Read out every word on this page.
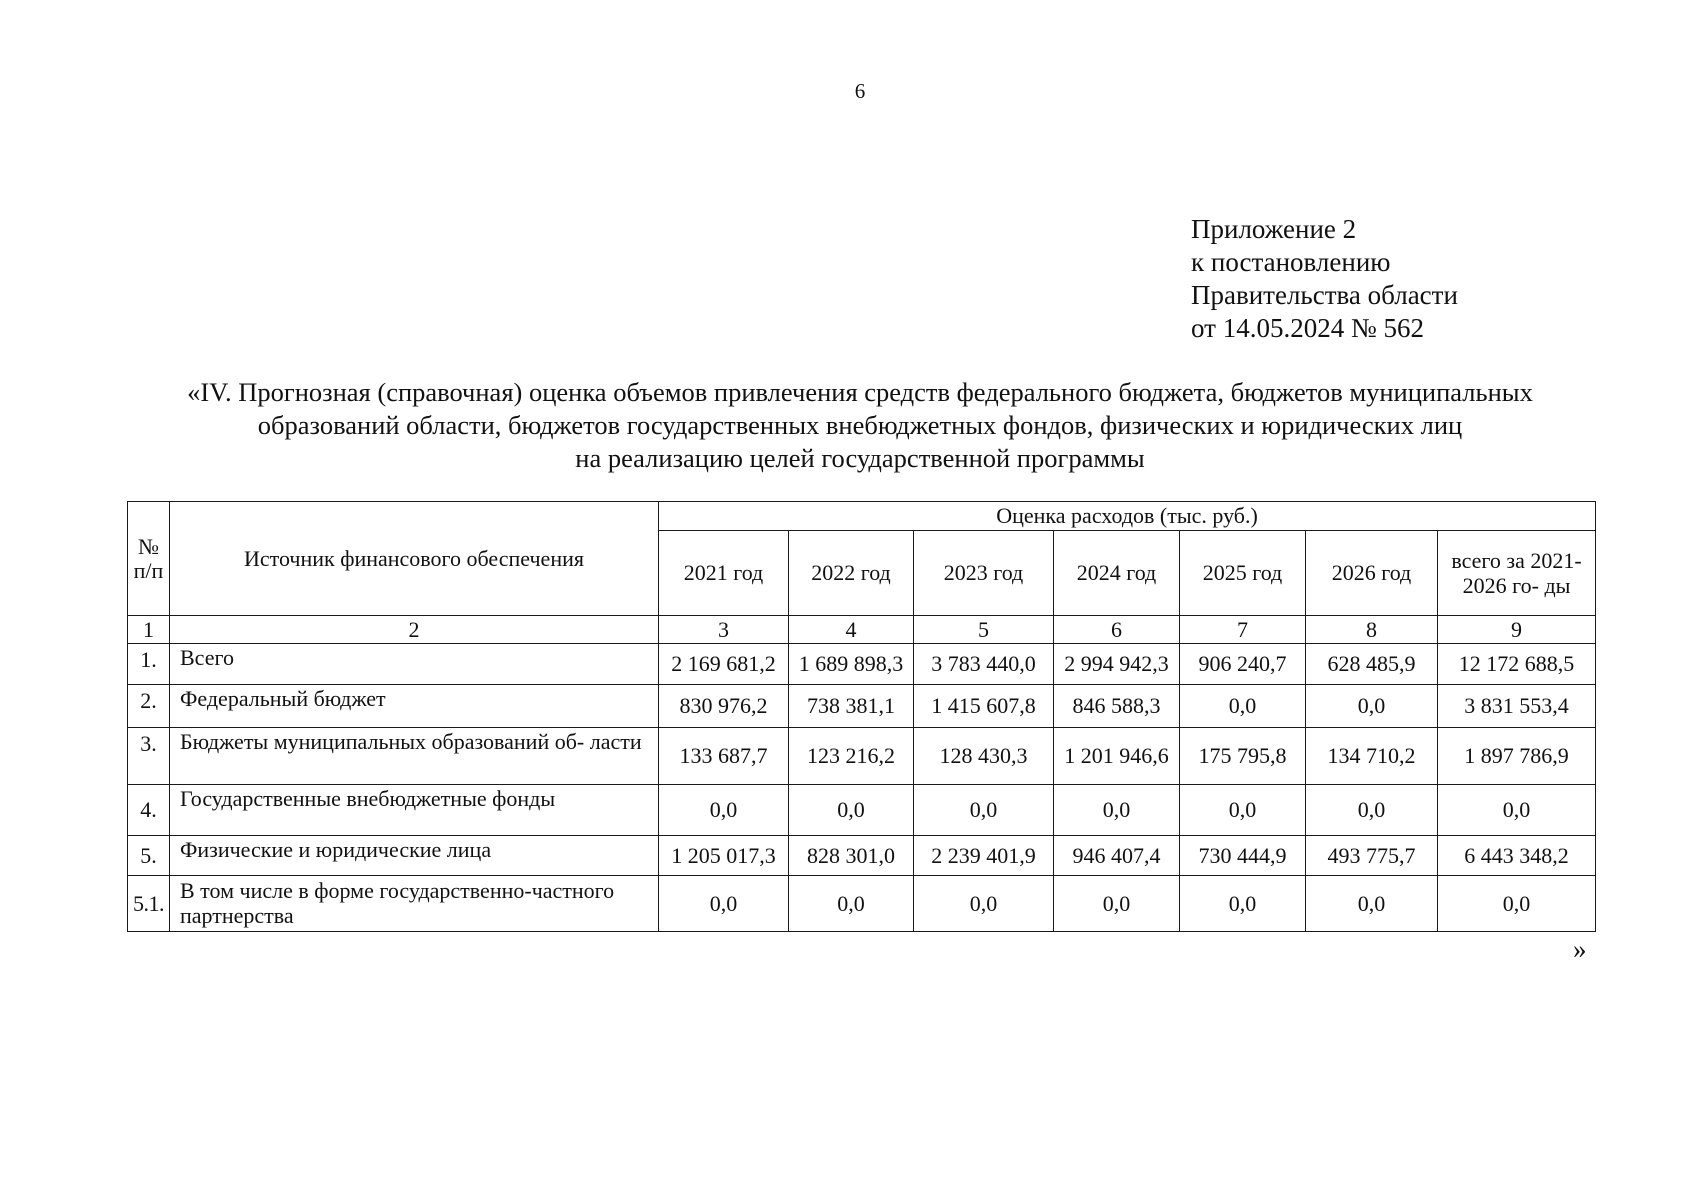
6
Приложение 2
к постановлению
Правительства области
от 14.05.2024 № 562
«IV. Прогнозная (справочная) оценка объемов привлечения средств федерального бюджета, бюджетов муниципальных
образований области, бюджетов государственных внебюджетных фондов, физических и юридических лиц
на реализацию целей государственной программы
№ п/п	Источник финансового обеспечения	Оценка расходов (тыс. руб.)						
		2021 год	2022 год	2023 год	2024 год	2025 год	2026 год	всего за 2021-2026 го- ды
1	2	3	4	5	6	7	8	9
1.	Всего	2 169 681,2	1 689 898,3	3 783 440,0	2 994 942,3	906 240,7	628 485,9	12 172 688,5
2.	Федеральный бюджет	830 976,2	738 381,1	1 415 607,8	846 588,3	0,0	0,0	3 831 553,4
3.	Бюджеты муниципальных образований об- ласти	133 687,7	123 216,2	128 430,3	1 201 946,6	175 795,8	134 710,2	1 897 786,9
4.	Государственные внебюджетные фонды	0,0	0,0	0,0	0,0	0,0	0,0	0,0
5.	Физические и юридические лица	1 205 017,3	828 301,0	2 239 401,9	946 407,4	730 444,9	493 775,7	6 443 348,2
5.1.	В том числе в форме государственно-частного партнерства	0,0	0,0	0,0	0,0	0,0	0,0	0,0
»
